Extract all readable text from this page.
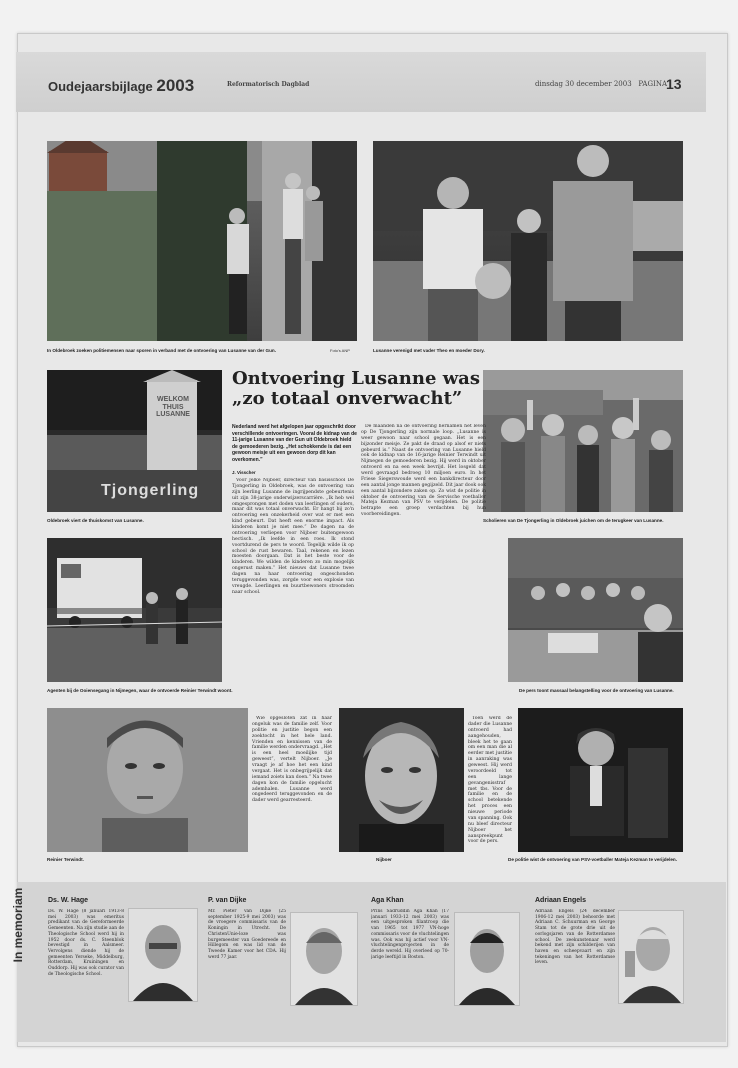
Oudejaarsbijlage 2003	Reformatorisch Dagblad	dinsdag 30 december 2003 PAGINA
13
In Oldebroek zoeken politiemensen naar sporen in verband met de ontvoering van Lusanne van der Gun.	Foto's ANP	Lusanne verenigd met vader Theo en moeder Dory.
WELKOM THUIS LUSANNE
Tjongerling
Oldebroek viert de thuiskomst van Lusanne.
Ontvoering Lusanne was „zo totaal onverwacht”
Nederland werd het afgelopen jaar opgeschrikt door verschillende ontvoeringen. Vooral de kidnap van de 11-jarige Lusanne van der Gun uit Oldebroek hield de gemoederen bezig. „Het schokkende is dat een gewoon meisje uit een gewoon dorp dit kan overkomen.”
J. Visscher
Scholieren van De Tjongerling in Oldebroek juichen om de terugkeer van Lusanne.
Agenten bij de Ooiensegang in Nijmegen, waar de ontvoerde Reinier Terwindt woont.	De pers toont massaal belangstelling voor de ontvoering van Lusanne.
Reinier Terwindt.	Nijboer	De politie wist de ontvoering van PSV-voetballer Mateja Kezman te verijdelen.

Voor Jelke Nijboer, directeur van basisschool De Tjongerling in Oldebroek, was de ontvoering van zijn leerling Lusanne de ingrijpendste gebeurtenis uit zijn 38-jarige onderwijzerscarrière. „Ik heb wel omgesprongen met doden van leerlingen of ouders, maar dit was totaal onverwacht. Er hangt bij zo'n ontvoering een onzekerheid over wat er met een kind gebeurt. Dat heeft een enorme impact. Als kinderen komt je niet mee.” De dagen na de ontvoering verliepen voor Nijboer buitengewoon hectisch. „Ik leefde in een roes. Ik stond voortdurend de pers te woord. Tegelijk wilde ik op school de rust bewaren. Taal, rekenen en lezen moesten doorgaan. Dat is het beste voor de kinderen. We wilden de kinderen zo min mogelijk ongerust maken.” Het nieuws dat Lusanne twee dagen na haar ontvoering ongeschonden teruggevonden was, zorgde voor een explosie van vreugde. Leerlingen en buurtbewoners stroomden naar school.

Wie opgesloten zat in haar ongeluk was de familie zelf. Voor politie en justitie begon een zoektocht in het hele land. Vrienden en kennissen van de familie werden ondervraagd. „Het is een heel moeilijke tijd geweest”, vertelt Nijboer. „Je vraagt je af hoe het een kind vergaat. Het is onbegrijpelijk dat iemand zoiets kan doen.” Na twee dagen kon de familie opgelucht ademhalen. Lusanne werd ongedeerd teruggevonden en de dader werd gearresteerd.

De maanden na de ontvoering hernamen het leven op De Tjongerling zijn normale loop. „Lusanne is weer gewoon naar school gegaan. Het is een bijzonder meisje. Ze pakt de draad op alsof er niets gebeurd is.” Naast de ontvoering van Lusanne hield ook de kidnap van de 16-jarige Reinier Terwindt uit Nijmegen de gemoederen bezig. Hij werd in oktober ontvoerd en na een week bevrijd. Het losgeld dat werd gevraagd bedroeg 10 miljoen euro. In het Friese Siegerswoude werd een bankdirecteur door een aantal jonge mannen gegijzeld. Dit jaar dook ook een aantal bijzondere zaken op. Zo wist de politie in oktober de ontvoering van de Servische voetballer Mateja Kezman van PSV te verijdelen. De politie betrapte een groep verdachten bij hun voorbereidingen.

Toen werd de dader die Lusanne ontvoerd had aangehouden, bleek het te gaan om een man die al eerder met justitie in aanraking was geweest. Hij werd veroordeeld tot een lange gevangenisstraf met tbs. Voor de familie en de school betekende het proces een nieuwe periode van spanning. Ook nu bleef directeur Nijboer het aanspreekpunt voor de pers.

In memoriam	Ds. W. Hage
Ds. W. Hage (8 januari 1913-8 mei 2003) was emeritus predikant van de Gereformeerde Gemeenten. Na zijn studie aan de Theologische School werd hij in 1952 door ds. C. Steenblok bevestigd in Aalsmeer. Vervolgens diende hij de gemeenten Yerseke, Middelburg, Rotterdam, Kruiningen en Ouddorp. Hij was ook curator van de Theologische School.
P. van Dijke
Mr. Pieter van Dijke (25 september 1925-9 mei 2003) was de vroegere commissaris van de Koningin in Utrecht. De ChristenUnie-loze was burgemeester van Goedereede en Hillegom en was lid van de Tweede Kamer voor het CDA. Hij werd 77 jaar.
Aga Khan
Prins Sadruddin Aga Khan (17 januari 1933-12 mei 2003) was een uitgesproken filantroop die van 1965 tot 1977 VN-hoge commissaris voor de vluchtelingen was. Ook was hij actief voor VN-vluchtelingenprojecten in de derde wereld. Hij overleed op 70-jarige leeftijd in Boston.
Adriaan Engels
Adriaan Engels (24 december 1906-12 mei 2003) behoorde met Adriaan C. Schuurman en George Stam tot de grote drie uit de oorlogsjaren van de Rotterdamse school. De zeekunstenaar werd bekend met zijn schilderijen van haven en scheepvaart en zijn tekeningen van het Rotterdamse leven.
